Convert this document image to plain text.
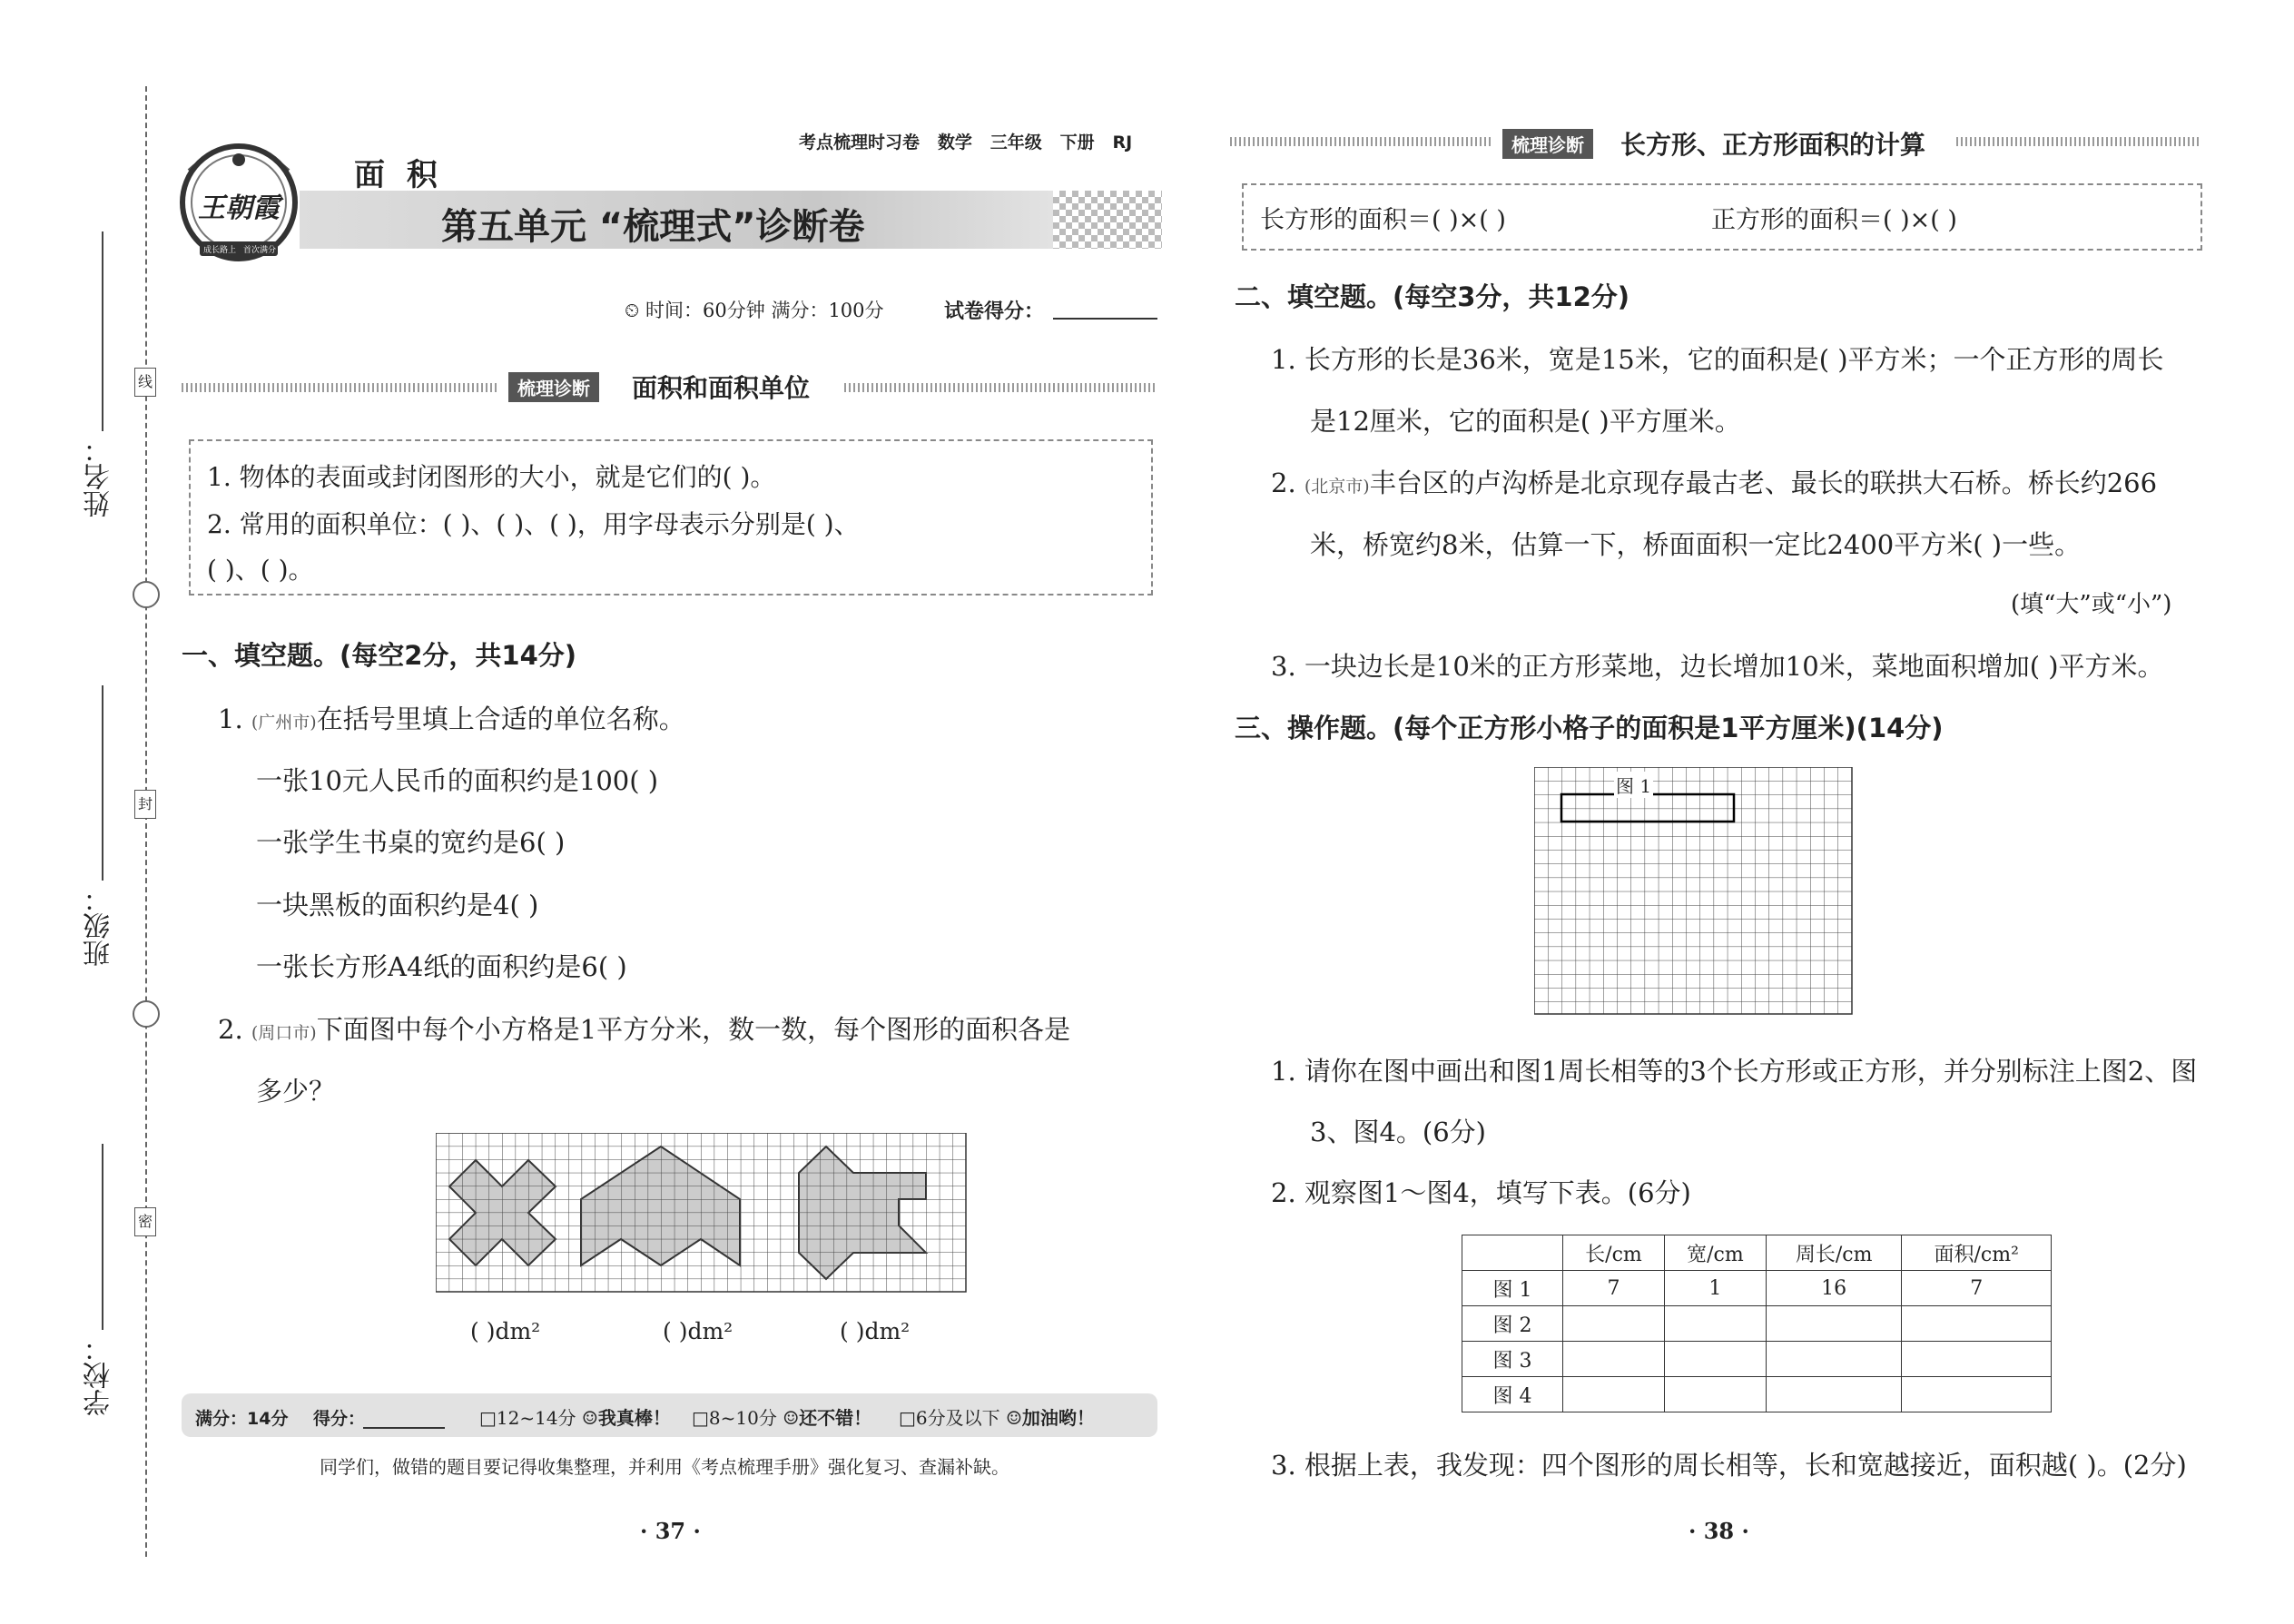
线
封
密
姓名：
班级：
学校：
王朝霞
成长路上 首次满分
考点梳理时习卷 数学 三年级 下册 RJ
面 积
第五单元 “梳理式”诊断卷
⏲ 时间：60分钟 满分：100分	试卷得分：
梳理诊断	面积和面积单位
1. 物体的表面或封闭图形的大小，就是它们的( )。
2. 常用的面积单位：( )、( )、( )，用字母表示分别是( )、
( )、( )。
一、填空题。(每空2分，共14分)
1. (广州市)在括号里填上合适的单位名称。
一张10元人民币的面积约是100( )
一张学生书桌的宽约是6( )
一块黑板的面积约是4( )
一张长方形A4纸的面积约是6( )
2. (周口市)下面图中每个小方格是1平方分米，数一数，每个图形的面积各是
多少？
( )dm²	( )dm²	( )dm²
满分：14分 得分：	□12~14分 ☺我真棒！ □8~10分 ☺还不错！ □6分及以下 ☺加油哟！
同学们，做错的题目要记得收集整理，并利用《考点梳理手册》强化复习、查漏补缺。
· 37 ·
梳理诊断	长方形、正方形面积的计算
长方形的面积＝( )×( )	正方形的面积＝( )×( )
二、填空题。(每空3分，共12分)
1. 长方形的长是36米，宽是15米，它的面积是( )平方米；一个正方形的周长
是12厘米，它的面积是( )平方厘米。
2. (北京市)丰台区的卢沟桥是北京现存最古老、最长的联拱大石桥。桥长约266
米，桥宽约8米，估算一下，桥面面积一定比2400平方米( )一些。
(填“大”或“小”)
3. 一块边长是10米的正方形菜地，边长增加10米，菜地面积增加( )平方米。
三、操作题。(每个正方形小格子的面积是1平方厘米)(14分)
图 1
1. 请你在图中画出和图1周长相等的3个长方形或正方形，并分别标注上图2、图
3、图4。(6分)
2. 观察图1～图4，填写下表。(6分)
	长/cm	宽/cm	周长/cm	面积/cm²
图 1	7	1	16	7
图 2				
图 3				
图 4				
3. 根据上表，我发现：四个图形的周长相等，长和宽越接近，面积越( )。(2分)
· 38 ·
